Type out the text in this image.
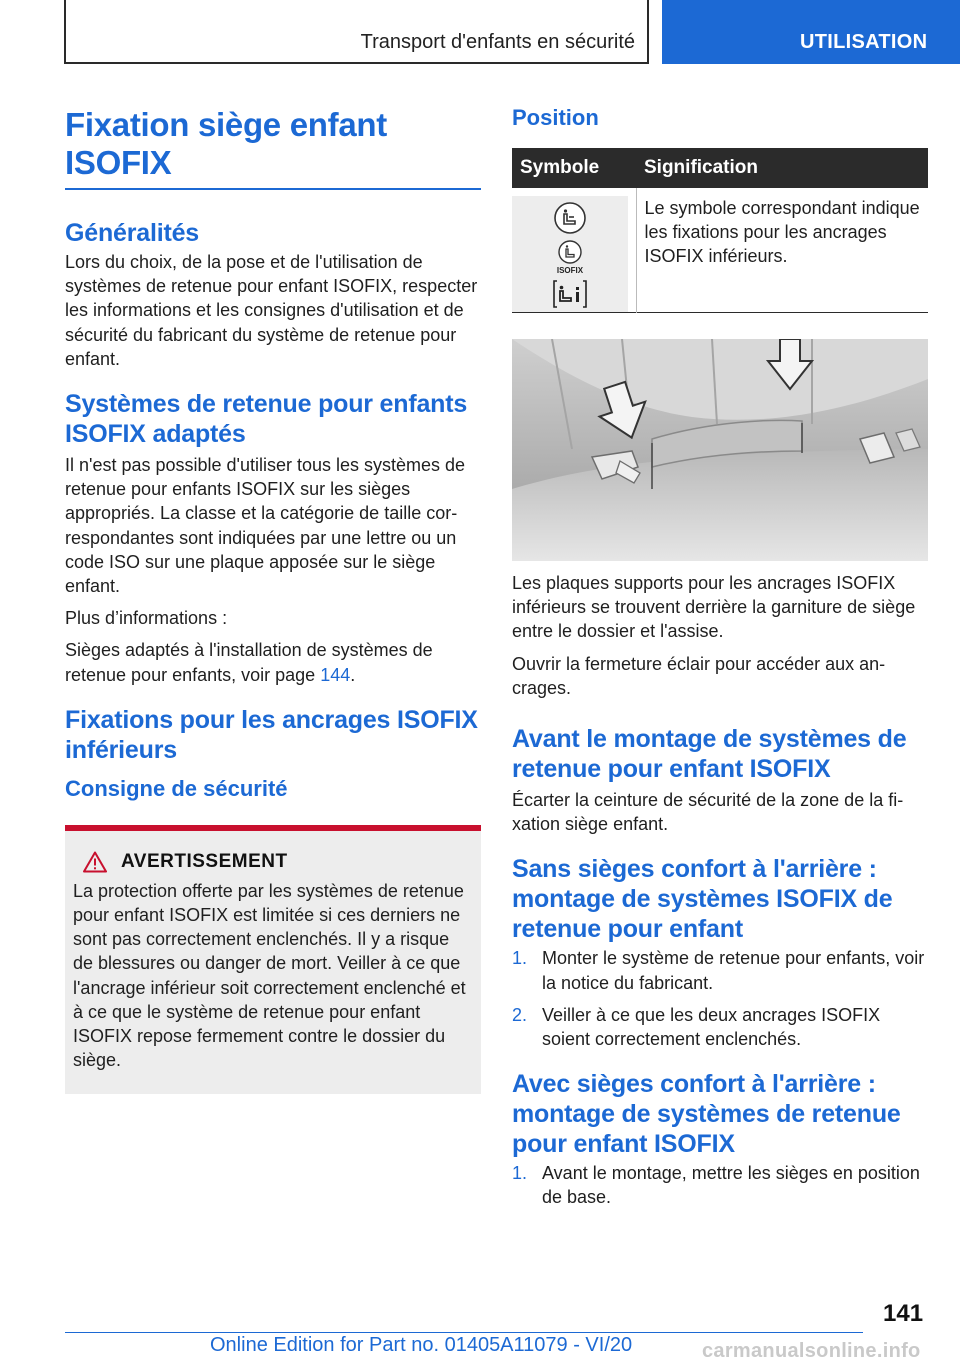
Transport d'enfants en sécurité	UTILISATION
Fixation siège enfant ISOFIX
Généralités

Lors du choix, de la pose et de l'utilisation de systèmes de retenue pour enfant ISOFIX, respecter les informations et les consignes d'utilisation et de sécurité du fabricant du système de retenue pour enfant.

Systèmes de retenue pour enfants ISOFIX adaptés

Il n'est pas possible d'utiliser tous les systèmes de retenue pour enfants ISOFIX sur les sièges appropriés. La classe et la catégorie de taille correspondantes sont indiquées par une lettre ou un code ISO sur une plaque apposée sur le siège enfant.

Plus d’informations :

Sièges adaptés à l'installation de systèmes de retenue pour enfants, voir page 144.

Fixations pour les ancrages ISOFIX inférieurs
Consigne de sécurité
AVERTISSEMENT

La protection offerte par les systèmes de retenue pour enfant ISOFIX est limitée si ces derniers ne sont pas correctement enclenchés. Il y a risque de blessures ou danger de mort. Veiller à ce que l'ancrage inférieur soit correctement enclenché et à ce que le système de retenue pour enfant ISOFIX repose fermement contre le dossier du siège.

Position
Symbole	Signification

ISOFIX	Le symbole correspondant indique les fixations pour les ancrages ISOFIX inférieurs.

Les plaques supports pour les ancrages ISOFIX inférieurs se trouvent derrière la garniture de siège entre le dossier et l'assise.

Ouvrir la fermeture éclair pour accéder aux ancrages.

Avant le montage de systèmes de retenue pour enfant ISOFIX

Écarter la ceinture de sécurité de la zone de la fixation siège enfant.

Sans sièges confort à l'arrière : montage de systèmes ISOFIX de retenue pour enfant
1. Monter le système de retenue pour enfants, voir la notice du fabricant.
2. Veiller à ce que les deux ancrages ISOFIX soient correctement enclenchés.
Avec sièges confort à l'arrière : montage de systèmes de retenue pour enfant ISOFIX
1. Avant le montage, mettre les sièges en position de base.
141
Online Edition for Part no. 01405A11079 - VI/20	carmanualsonline.info
